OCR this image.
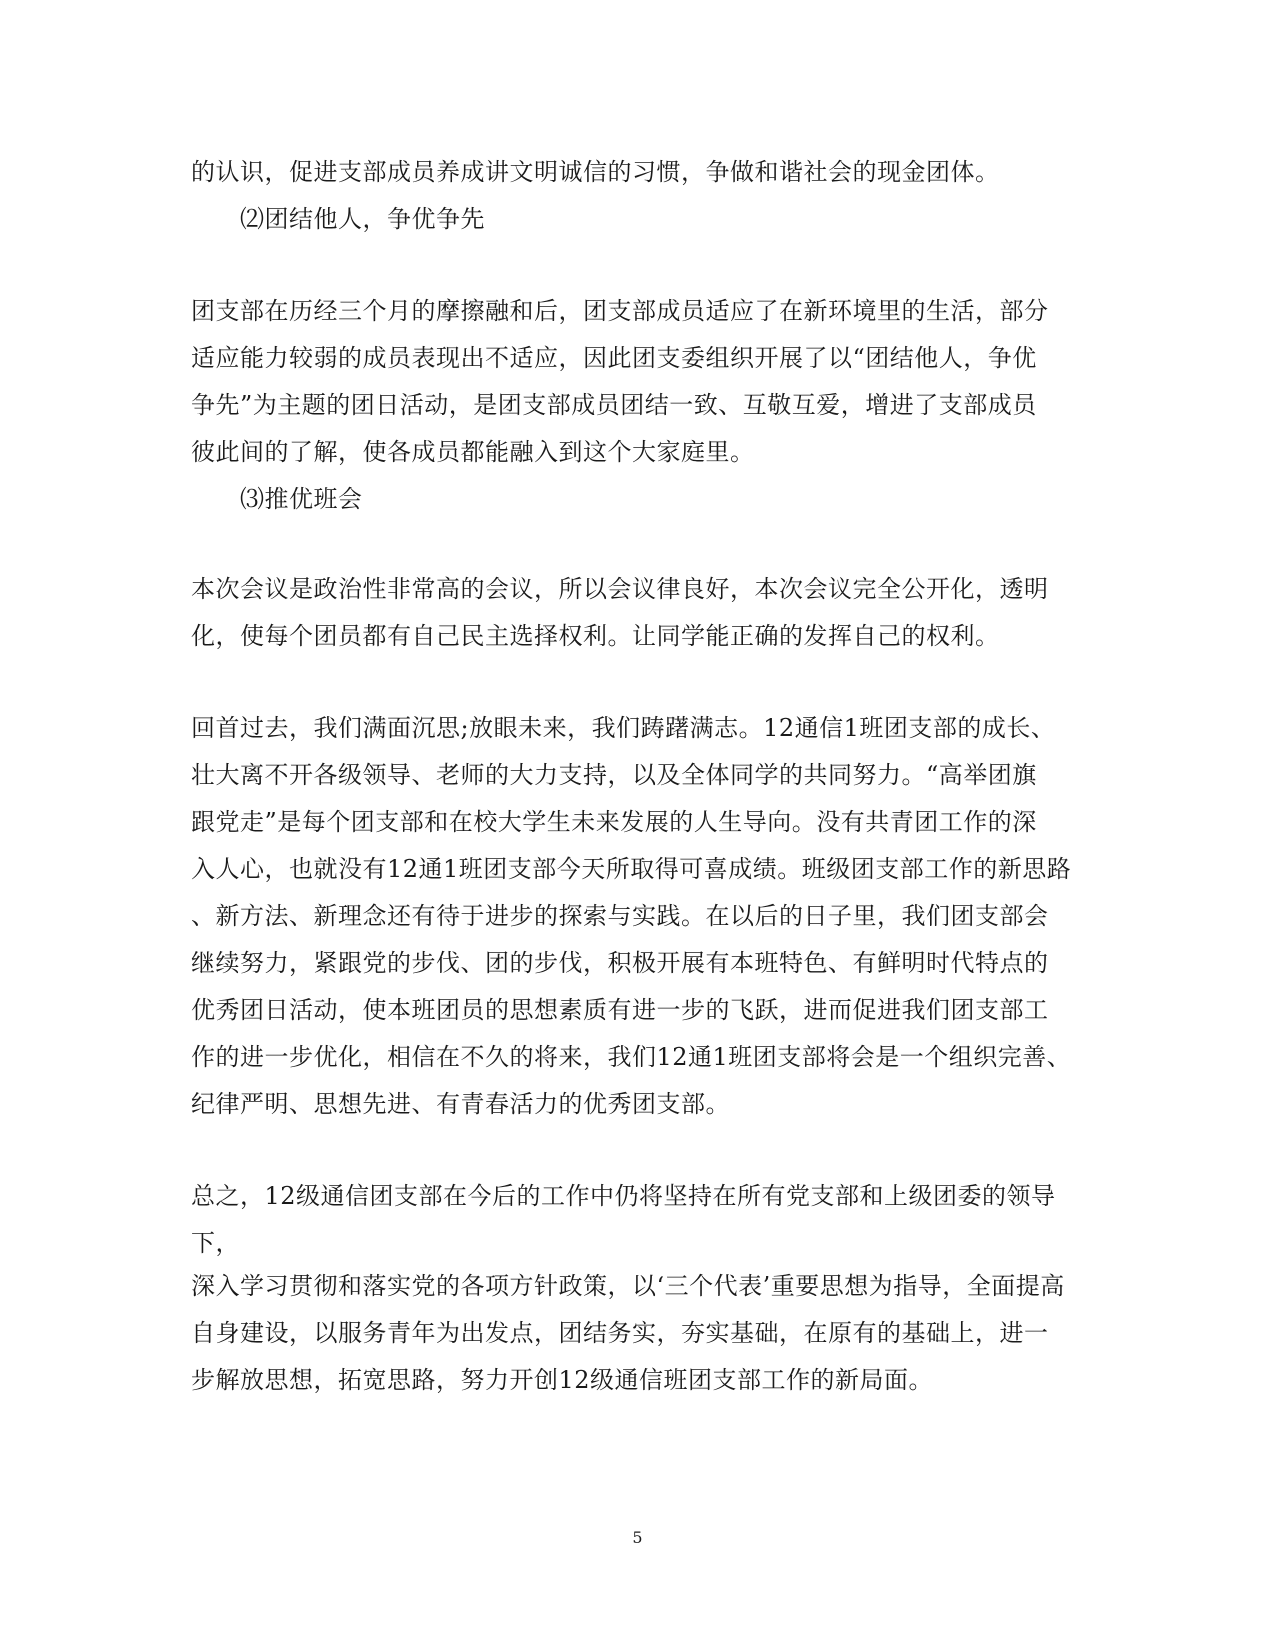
的认识，促进支部成员养成讲文明诚信的习惯，争做和谐社会的现金团体。
⑵团结他人，争优争先
团支部在历经三个月的摩擦融和后，团支部成员适应了在新环境里的生活，部分
适应能力较弱的成员表现出不适应，因此团支委组织开展了以“团结他人，争优
争先”为主题的团日活动，是团支部成员团结一致、互敬互爱，增进了支部成员
彼此间的了解，使各成员都能融入到这个大家庭里。
⑶推优班会
本次会议是政治性非常高的会议，所以会议律良好，本次会议完全公开化，透明
化，使每个团员都有自己民主选择权利。让同学能正确的发挥自己的权利。
回首过去，我们满面沉思;放眼未来，我们踌躇满志。12通信1班团支部的成长、
壮大离不开各级领导、老师的大力支持，以及全体同学的共同努力。“高举团旗
跟党走”是每个团支部和在校大学生未来发展的人生导向。没有共青团工作的深
入人心，也就没有12通1班团支部今天所取得可喜成绩。班级团支部工作的新思路
、新方法、新理念还有待于进步的探索与实践。在以后的日子里，我们团支部会
继续努力，紧跟党的步伐、团的步伐，积极开展有本班特色、有鲜明时代特点的
优秀团日活动，使本班团员的思想素质有进一步的飞跃，进而促进我们团支部工
作的进一步优化，相信在不久的将来，我们12通1班团支部将会是一个组织完善、
纪律严明、思想先进、有青春活力的优秀团支部。
总之，12级通信团支部在今后的工作中仍将坚持在所有党支部和上级团委的领导
下，
深入学习贯彻和落实党的各项方针政策，以‘三个代表’重要思想为指导，全面提高
自身建设，以服务青年为出发点，团结务实，夯实基础，在原有的基础上，进一
步解放思想，拓宽思路，努力开创12级通信班团支部工作的新局面。
5
